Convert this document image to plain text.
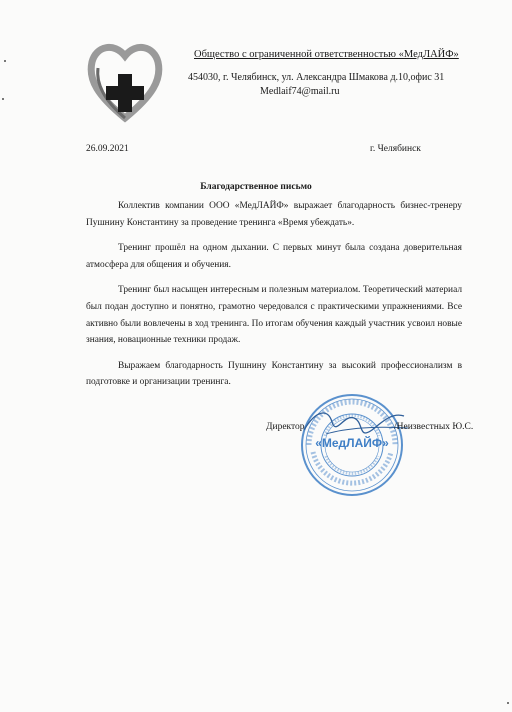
Общество с ограниченной ответственностью «МедЛАЙФ»
454030, г. Челябинск, ул. Александра Шмакова д.10,офис 31
Medlaif74@mail.ru
26.09.2021	г. Челябинск
Благодарственное письмо

Коллектив компании ООО «МедЛАЙФ» выражает благодарность бизнес-тренеру Пушнину Константину за проведение тренинга «Время убеждать».

Тренинг прошёл на одном дыхании. С первых минут была создана доверительная атмосфера для общения и обучения.

Тренинг был насыщен интересным и полезным материалом. Теоретический материал был подан доступно и понятно, грамотно чередовался с практическими упражнениями. Все активно были вовлечены в ход тренинга. По итогам обучения каждый участник усвоил новые знания, новационные техники продаж.

Выражаем благодарность Пушнину Константину за высокий профессионализм в подготовке и организации тренинга.

«МедЛАЙФ»
Директор	/Неизвестных Ю.С.
